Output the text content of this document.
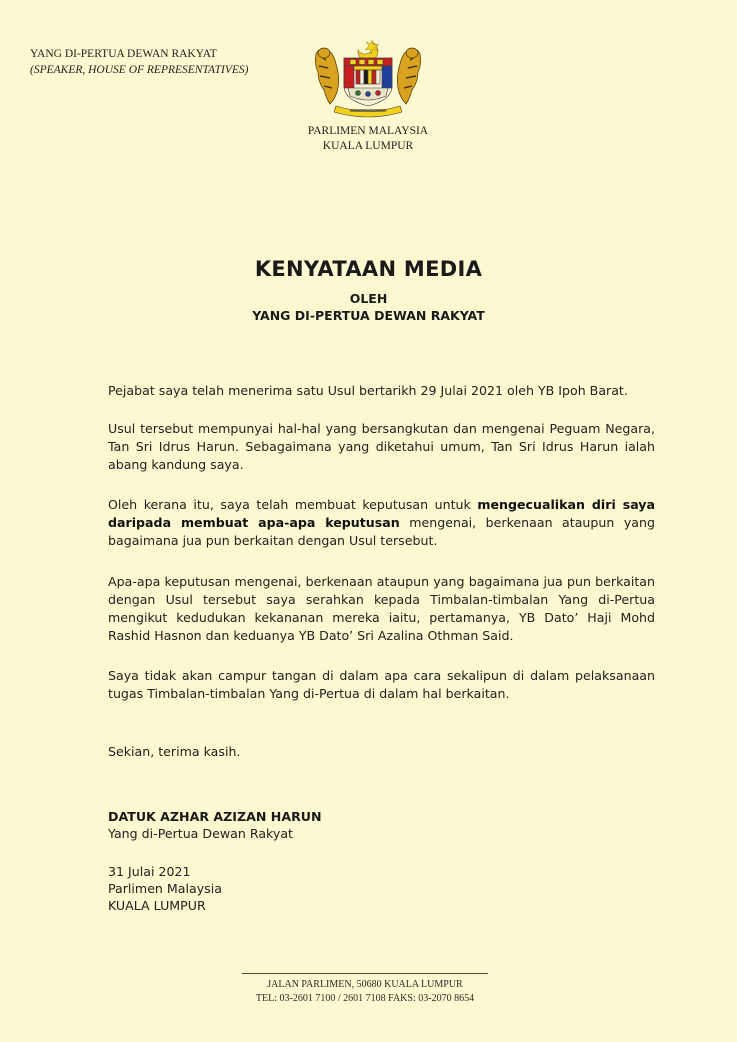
YANG DI-PERTUA DEWAN RAKYAT
(SPEAKER, HOUSE OF REPRESENTATIVES)
PARLIMEN MALAYSIA
KUALA LUMPUR
KENYATAAN MEDIA
OLEH
YANG DI-PERTUA DEWAN RAKYAT
Pejabat saya telah menerima satu Usul bertarikh 29 Julai 2021 oleh YB Ipoh Barat.
Usul tersebut mempunyai hal-hal yang bersangkutan dan mengenai Peguam Negara, Tan Sri Idrus Harun. Sebagaimana yang diketahui umum, Tan Sri Idrus Harun ialah abang kandung saya.
Oleh kerana itu, saya telah membuat keputusan untuk mengecualikan diri saya daripada membuat apa-apa keputusan mengenai, berkenaan ataupun yang bagaimana jua pun berkaitan dengan Usul tersebut.
Apa-apa keputusan mengenai, berkenaan ataupun yang bagaimana jua pun berkaitan dengan Usul tersebut saya serahkan kepada Timbalan-timbalan Yang di-Pertua mengikut kedudukan kekananan mereka iaitu, pertamanya, YB Dato’ Haji Mohd Rashid Hasnon dan keduanya YB Dato’ Sri Azalina Othman Said.
Saya tidak akan campur tangan di dalam apa cara sekalipun di dalam pelaksanaan tugas Timbalan-timbalan Yang di-Pertua di dalam hal berkaitan.
Sekian, terima kasih.
DATUK AZHAR AZIZAN HARUN
Yang di-Pertua Dewan Rakyat
31 Julai 2021
Parlimen Malaysia
KUALA LUMPUR
JALAN PARLIMEN, 50680 KUALA LUMPUR
TEL: 03-2601 7100 / 2601 7108 FAKS: 03-2070 8654
